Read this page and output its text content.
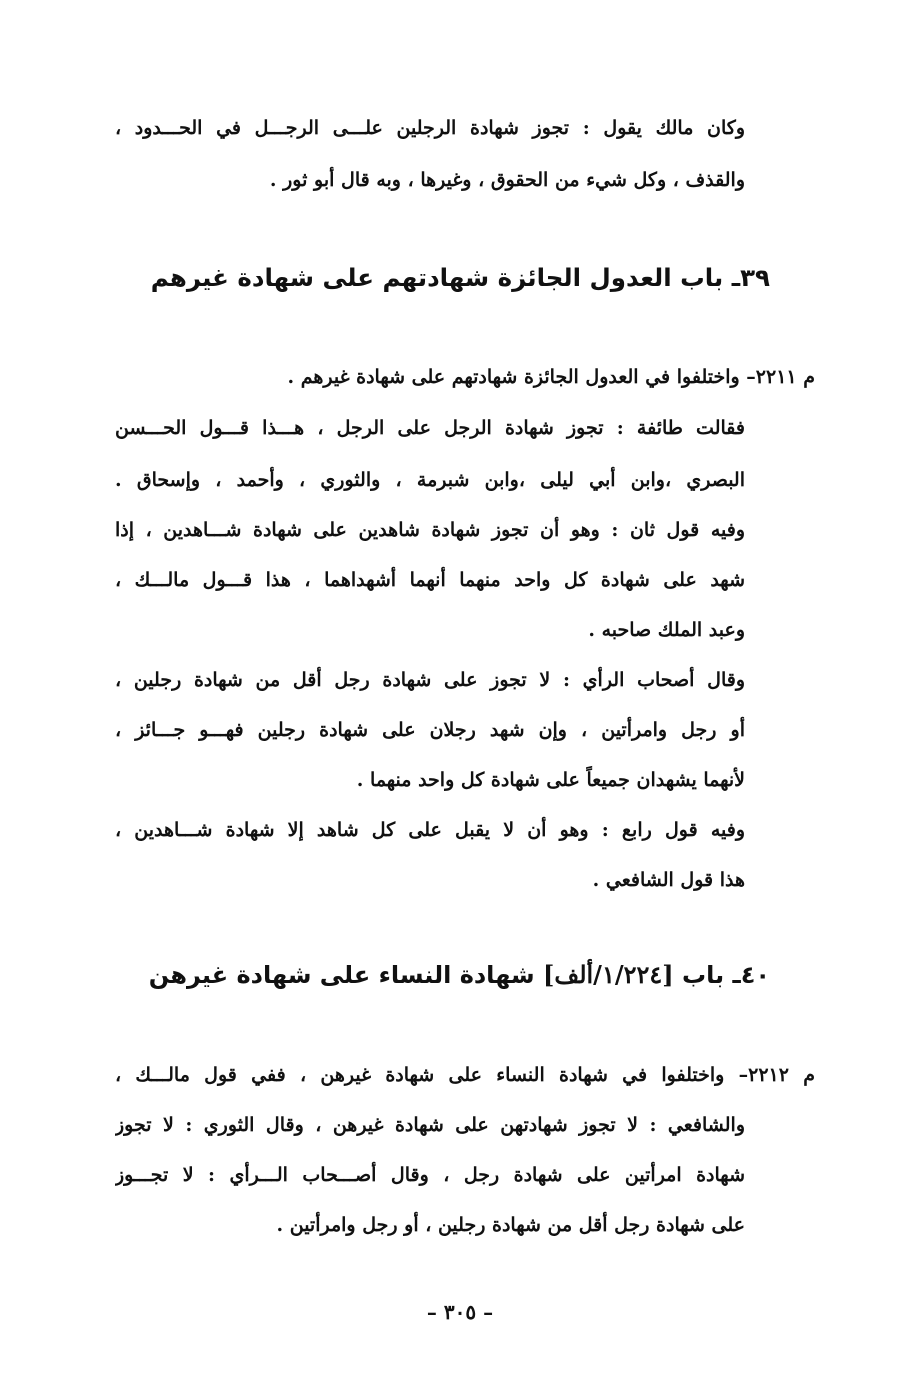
وكان مالك يقول : تجوز شهادة الرجلين علـــى الرجـــل في الحـــدود ،
والقذف ، وكل شيء من الحقوق ، وغيرها ، وبه قال أبو ثور .
٣٩ـ باب العدول الجائزة شهادتهم على شهادة غيرهم
م ٢٢١١– واختلفوا في العدول الجائزة شهادتهم على شهادة غيرهم .
فقالت طائفة : تجوز شهادة الرجل على الرجل ، هـــذا قـــول الحـــسن
البصري ،وابن أبي ليلى ،وابن شبرمة ، والثوري ، وأحمد ، وإسحاق .
وفيه قول ثان : وهو أن تجوز شهادة شاهدين على شهادة شـــاهدين ، إذا
شهد على شهادة كل واحد منهما أنهما أشهداهما ، هذا قـــول مالـــك ،
وعبد الملك صاحبه .
وقال أصحاب الرأي : لا تجوز على شهادة رجل أقل من شهادة رجلين ،
أو رجل وامرأتين ، وإن شهد رجلان على شهادة رجلين فهـــو جـــائز ،
لأنهما يشهدان جميعاً على شهادة كل واحد منهما .
وفيه قول رابع : وهو أن لا يقبل على كل شاهد إلا شهادة شـــاهدين ،
هذا قول الشافعي .
٤٠ـ باب [١/٢٢٤/ألف] شهادة النساء على شهادة غيرهن
م ٢٢١٢– واختلفوا في شهادة النساء على شهادة غيرهن ، ففي قول مالـــك ،
والشافعي : لا تجوز شهادتهن على شهادة غيرهن ، وقال الثوري : لا تجوز
شهادة امرأتين على شهادة رجل ، وقال أصـــحاب الـــرأي : لا تجـــوز
على شهادة رجل أقل من شهادة رجلين ، أو رجل وامرأتين .
– ٣٠٥ –
